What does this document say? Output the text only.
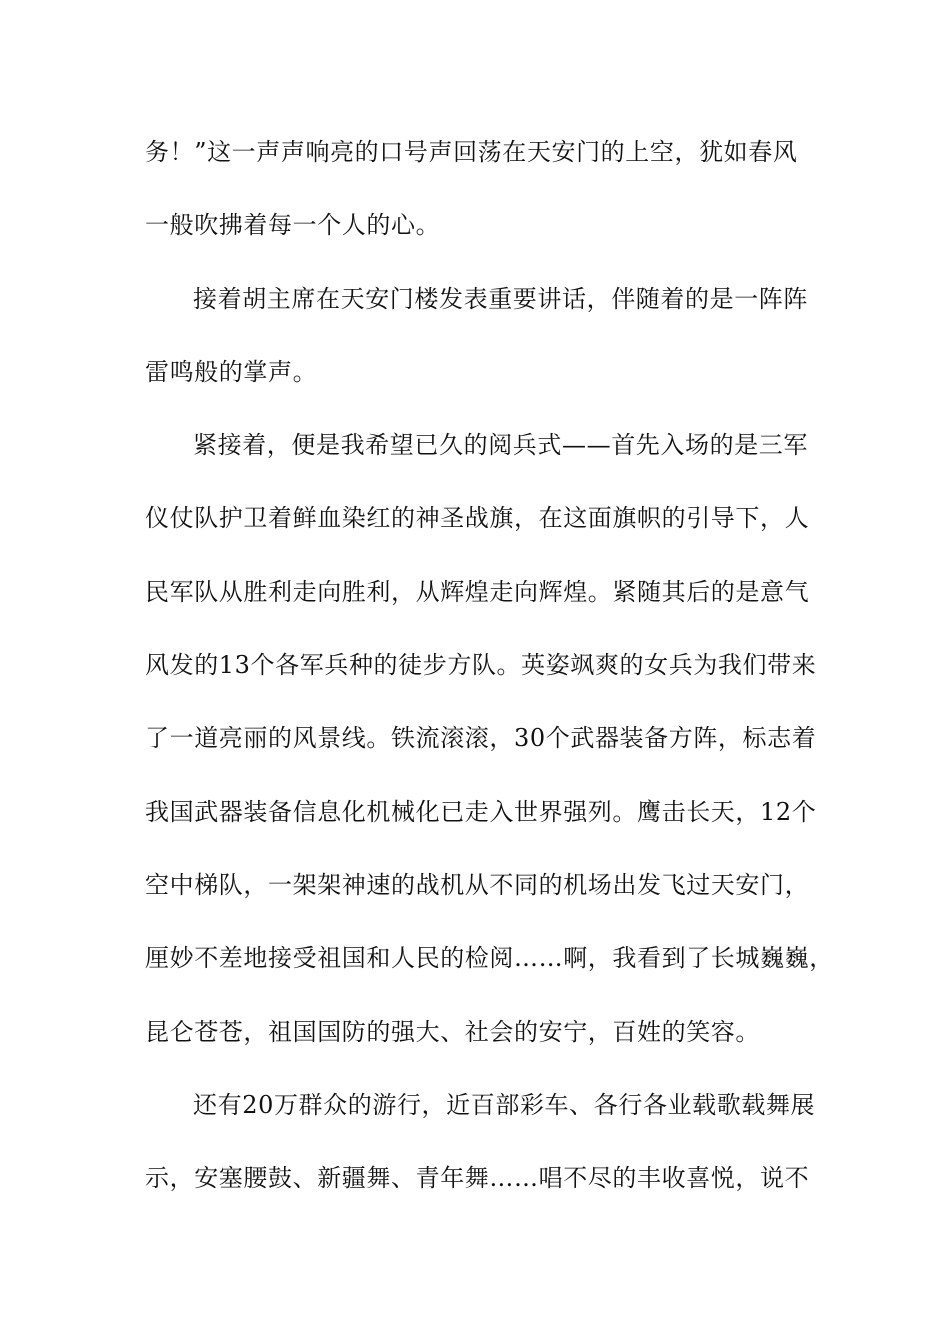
务！”这一声声响亮的口号声回荡在天安门的上空，犹如春风
一般吹拂着每一个人的心。
接着胡主席在天安门楼发表重要讲话，伴随着的是一阵阵
雷鸣般的掌声。
紧接着，便是我希望已久的阅兵式——首先入场的是三军
仪仗队护卫着鲜血染红的神圣战旗，在这面旗帜的引导下，人
民军队从胜利走向胜利，从辉煌走向辉煌。紧随其后的是意气
风发的13个各军兵种的徒步方队。英姿飒爽的女兵为我们带来
了一道亮丽的风景线。铁流滚滚，30个武器装备方阵，标志着
我国武器装备信息化机械化已走入世界强列。鹰击长天，12个
空中梯队，一架架神速的战机从不同的机场出发飞过天安门，
厘妙不差地接受祖国和人民的检阅……啊，我看到了长城巍巍，
昆仑苍苍，祖国国防的强大、社会的安宁，百姓的笑容。
还有20万群众的游行，近百部彩车、各行各业载歌载舞展
示，安塞腰鼓、新疆舞、青年舞……唱不尽的丰收喜悦，说不
